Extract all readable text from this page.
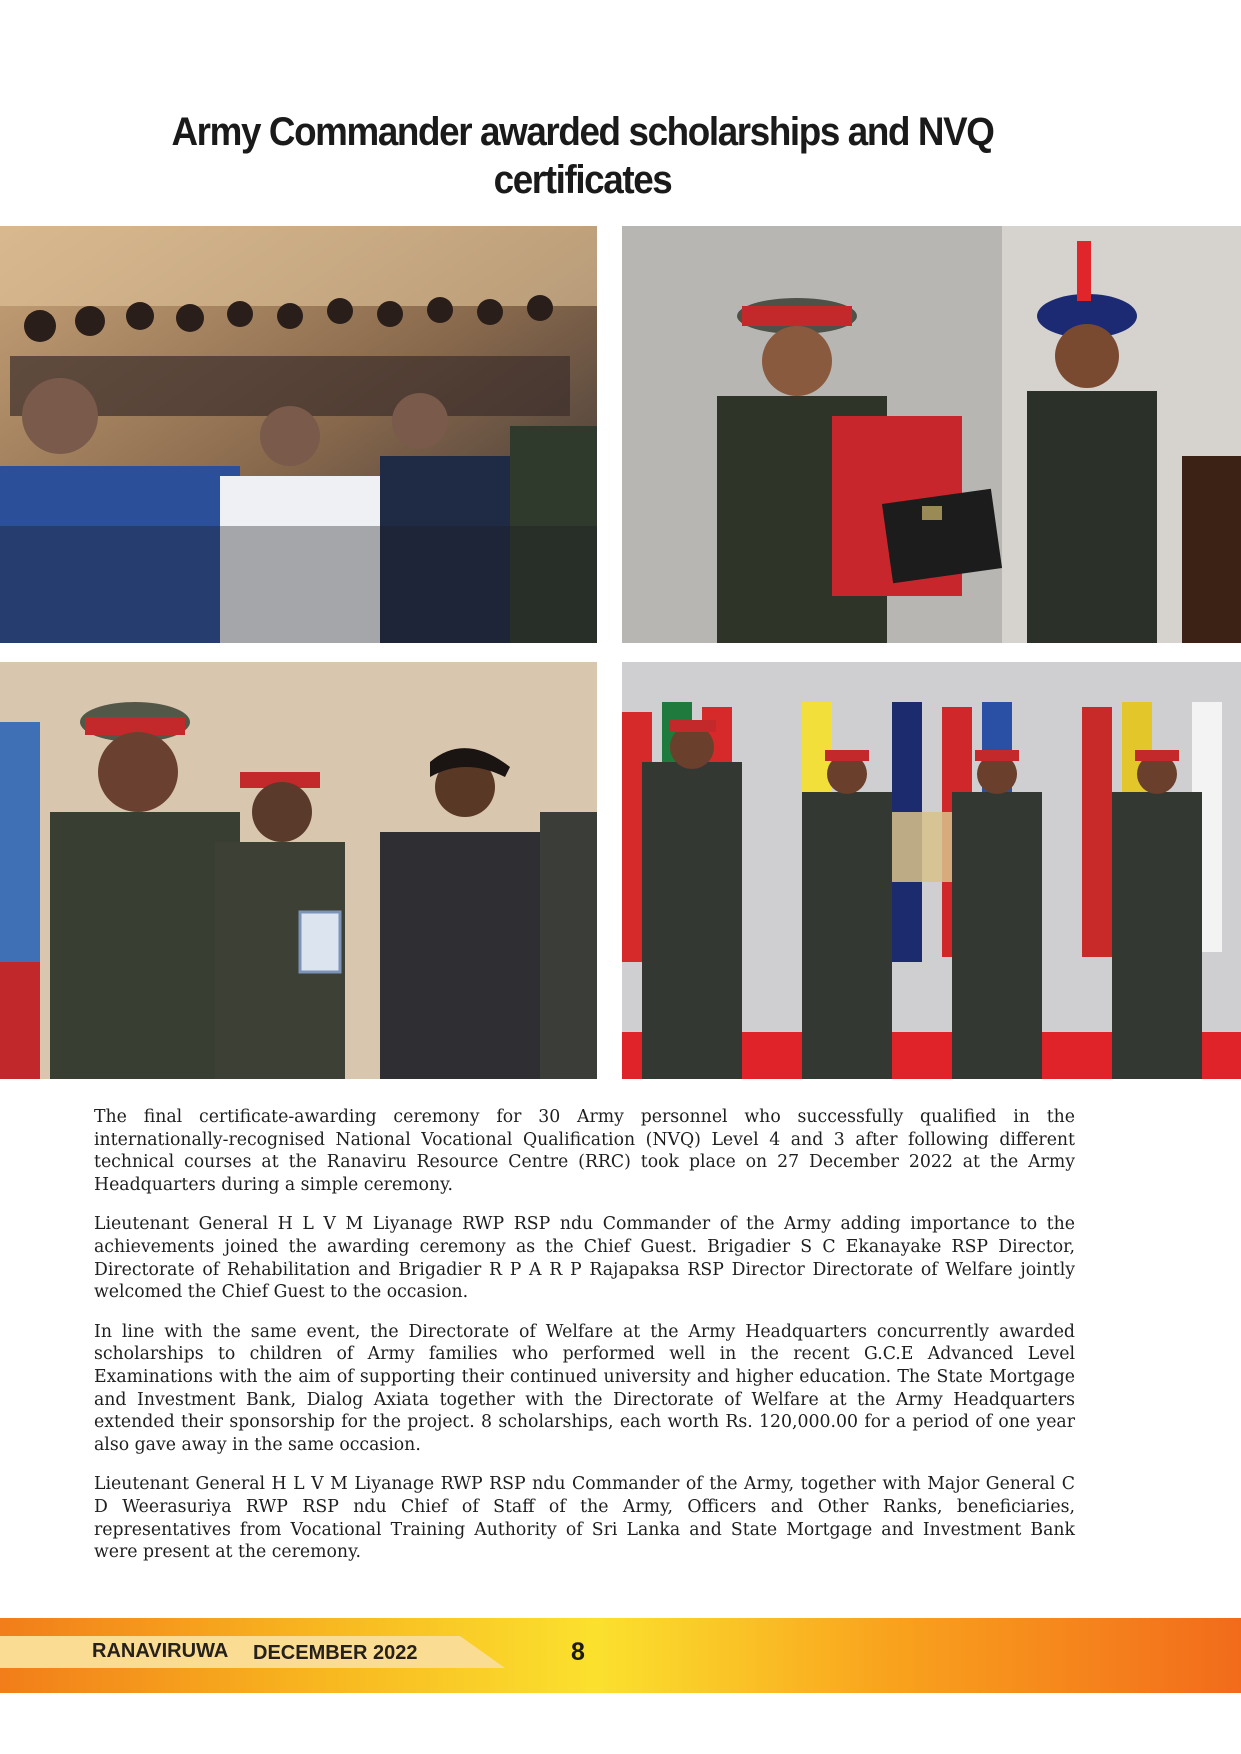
Army Commander awarded scholarships and NVQ
certificates

The final certificate-awarding ceremony for 30 Army personnel who successfully qualified in the internationally-recognised National Vocational Qualification (NVQ) Level 4 and 3 after following different technical courses at the Ranaviru Resource Centre (RRC) took place on 27 December 2022 at the Army Headquarters during a simple ceremony.

Lieutenant General H L V M Liyanage RWP RSP ndu Commander of the Army adding importance to the achievements joined the awarding ceremony as the Chief Guest. Brigadier S C Ekanayake RSP Director, Directorate of Rehabilitation and Brigadier R P A R P Rajapaksa RSP Director Directorate of Welfare jointly welcomed the Chief Guest to the occasion.

In line with the same event, the Directorate of Welfare at the Army Headquarters concurrently awarded scholarships to children of Army families who performed well in the recent G.C.E Advanced Level Examinations with the aim of supporting their continued university and higher education. The State Mortgage and Investment Bank, Dialog Axiata together with the Directorate of Welfare at the Army Headquarters extended their sponsorship for the project. 8 scholarships, each worth Rs. 120,000.00 for a period of one year also gave away in the same occasion.

Lieutenant General H L V M Liyanage RWP RSP ndu Commander of the Army, together with Major General C D Weerasuriya RWP RSP ndu Chief of Staff of the Army, Officers and Other Ranks, beneficiaries, representatives from Vocational Training Authority of Sri Lanka and State Mortgage and Investment Bank were present at the ceremony.

RANAVIRUWA DECEMBER 2022	8
